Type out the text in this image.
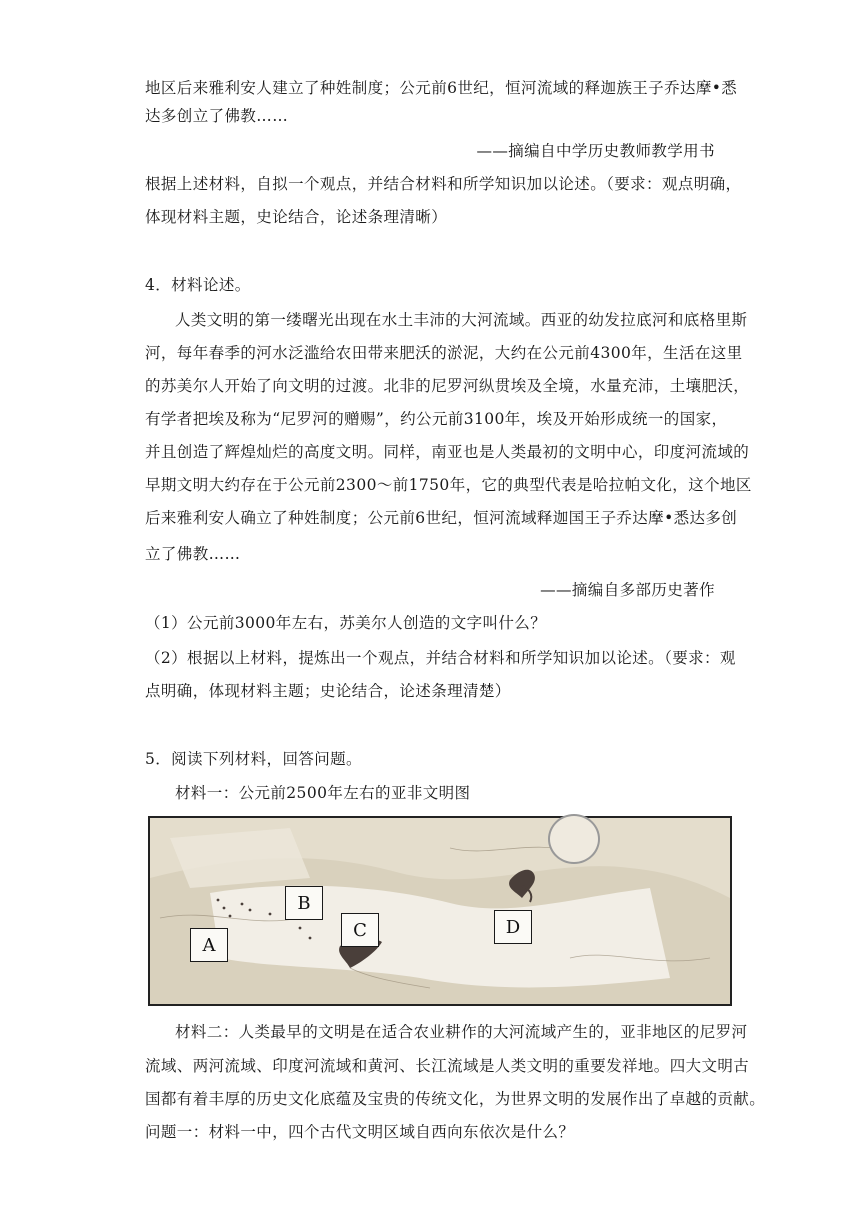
地区后来雅利安人建立了种姓制度；公元前6世纪，恒河流域的释迦族王子乔达摩•悉
达多创立了佛教……
——摘编自中学历史教师教学用书
根据上述材料，自拟一个观点，并结合材料和所学知识加以论述。（要求：观点明确，
体现材料主题，史论结合，论述条理清晰）
4．材料论述。
人类文明的第一缕曙光出现在水土丰沛的大河流域。西亚的幼发拉底河和底格里斯
河，每年春季的河水泛滥给农田带来肥沃的淤泥，大约在公元前4300年，生活在这里
的苏美尔人开始了向文明的过渡。北非的尼罗河纵贯埃及全境，水量充沛，土壤肥沃，
有学者把埃及称为“尼罗河的赠赐”，约公元前3100年，埃及开始形成统一的国家，
并且创造了辉煌灿烂的高度文明。同样，南亚也是人类最初的文明中心，印度河流域的
早期文明大约存在于公元前2300～前1750年，它的典型代表是哈拉帕文化，这个地区
后来雅利安人确立了种姓制度；公元前6世纪，恒河流域释迦国王子乔达摩•悉达多创
立了佛教……
——摘编自多部历史著作
（1）公元前3000年左右，苏美尔人创造的文字叫什么？
（2）根据以上材料，提炼出一个观点，并结合材料和所学知识加以论述。（要求：观
点明确，体现材料主题；史论结合，论述条理清楚）
5．阅读下列材料，回答问题。
材料一：公元前2500年左右的亚非文明图
A
B
C	D
材料二：人类最早的文明是在适合农业耕作的大河流域产生的，亚非地区的尼罗河
流域、两河流域、印度河流域和黄河、长江流域是人类文明的重要发祥地。四大文明古
国都有着丰厚的历史文化底蕴及宝贵的传统文化，为世界文明的发展作出了卓越的贡献。
问题一：材料一中，四个古代文明区域自西向东依次是什么？
